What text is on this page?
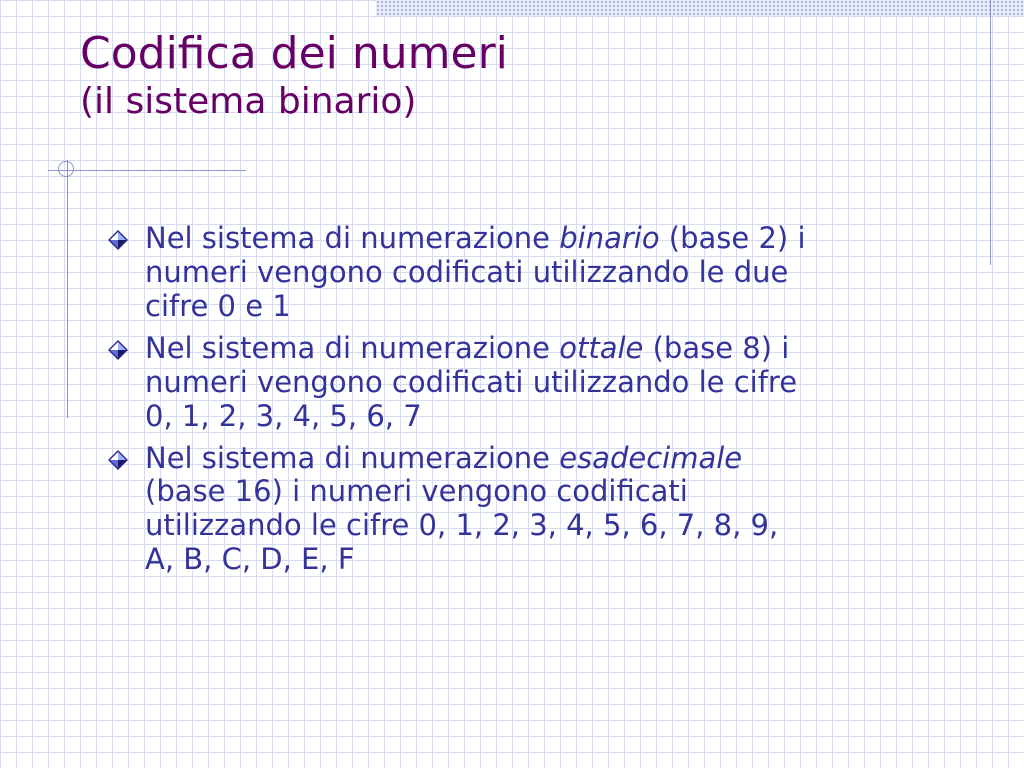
Codifica dei numeri
(il sistema binario)
Nel sistema di numerazione binario (base 2) i
numeri vengono codificati utilizzando le due
cifre 0 e 1
Nel sistema di numerazione ottale (base 8) i
numeri vengono codificati utilizzando le cifre
0, 1, 2, 3, 4, 5, 6, 7
Nel sistema di numerazione esadecimale
(base 16) i numeri vengono codificati
utilizzando le cifre 0, 1, 2, 3, 4, 5, 6, 7, 8, 9,
A, B, C, D, E, F
